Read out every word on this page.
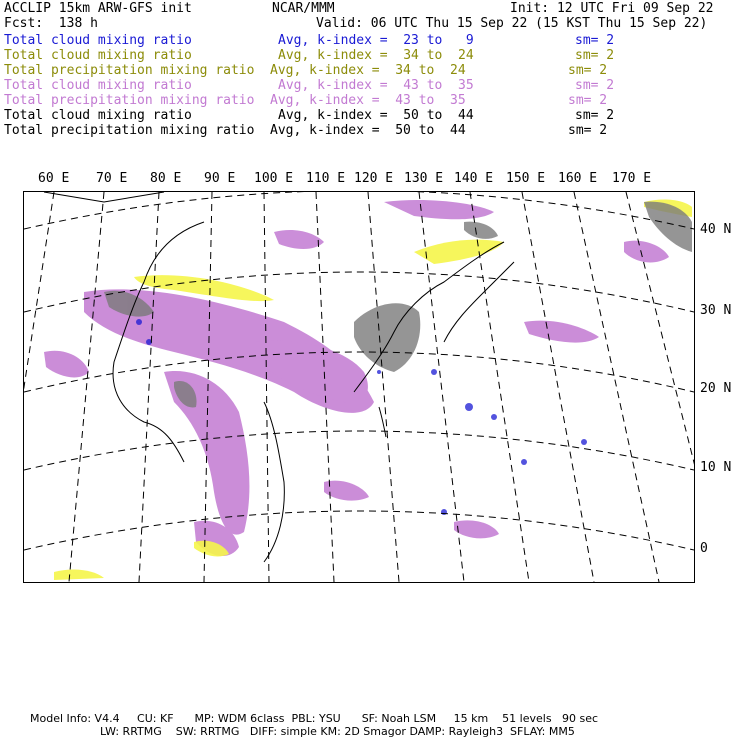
ACCLIP 15km ARW-GFS init	NCAR/MMM	Init: 12 UTC Fri 09 Sep 22
Fcst:  138 h	Valid: 06 UTC Thu 15 Sep 22 (15 KST Thu 15 Sep 22)
Total cloud mixing ratio	Avg, k-index =  23 to   9	sm= 2
Total cloud mixing ratio	Avg, k-index =  34 to  24	sm= 2
Total precipitation mixing ratio Avg, k-index =  34 to  24	sm= 2
Total cloud mixing ratio	Avg, k-index =  43 to  35	sm= 2
Total precipitation mixing ratio Avg, k-index =  43 to  35	sm= 2
Total cloud mixing ratio	Avg, k-index =  50 to  44	sm= 2
Total precipitation mixing ratio Avg, k-index =  50 to  44	sm= 2
60 E 70 E 80 E 90 E 100 E 110 E 120 E 130 E 140 E 150 E 160 E 170 E
40 N
30 N
20 N
10 N
0
Model Info: V4.4     CU: KF      MP: WDM 6class  PBL: YSU      SF: Noah LSM     15 km    51 levels   90 sec
LW: RRTMG    SW: RRTMG   DIFF: simple KM: 2D Smagor DAMP: Rayleigh3  SFLAY: MM5
